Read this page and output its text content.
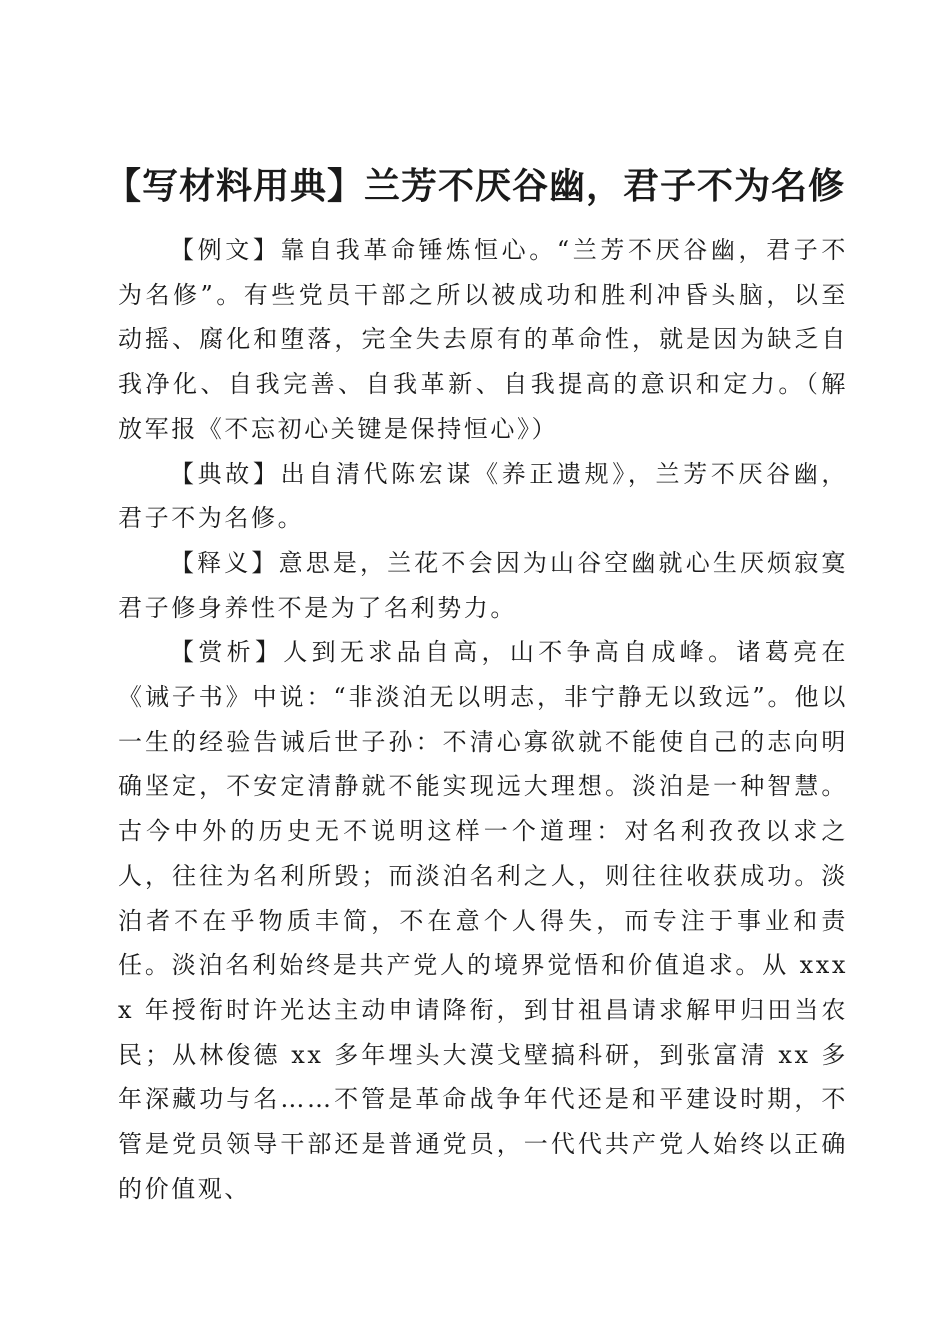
【写材料用典】兰芳不厌谷幽，君子不为名修

【例文】靠自我革命锤炼恒心。“兰芳不厌谷幽，君子不为名修”。有些党员干部之所以被成功和胜利冲昏头脑，以至动摇、腐化和堕落，完全失去原有的革命性，就是因为缺乏自我净化、自我完善、自我革新、自我提高的意识和定力。（解放军报《不忘初心关键是保持恒心》）

【典故】出自清代陈宏谋《养正遗规》，兰芳不厌谷幽，君子不为名修。

【释义】意思是，兰花不会因为山谷空幽就心生厌烦寂寞君子修身养性不是为了名利势力。

【赏析】人到无求品自高，山不争高自成峰。诸葛亮在《诫子书》中说：“非淡泊无以明志，非宁静无以致远”。他以一生的经验告诫后世子孙：不清心寡欲就不能使自己的志向明确坚定，不安定清静就不能实现远大理想。淡泊是一种智慧。古今中外的历史无不说明这样一个道理：对名利孜孜以求之人，往往为名利所毁；而淡泊名利之人，则往往收获成功。淡泊者不在乎物质丰简，不在意个人得失，而专注于事业和责任。淡泊名利始终是共产党人的境界觉悟和价值追求。从 xxxx 年授衔时许光达主动申请降衔，到甘祖昌请求解甲归田当农民；从林俊德 xx 多年埋头大漠戈壁搞科研，到张富清 xx 多年深藏功与名……不管是革命战争年代还是和平建设时期，不管是党员领导干部还是普通党员，一代代共产党人始终以正确的价值观、
